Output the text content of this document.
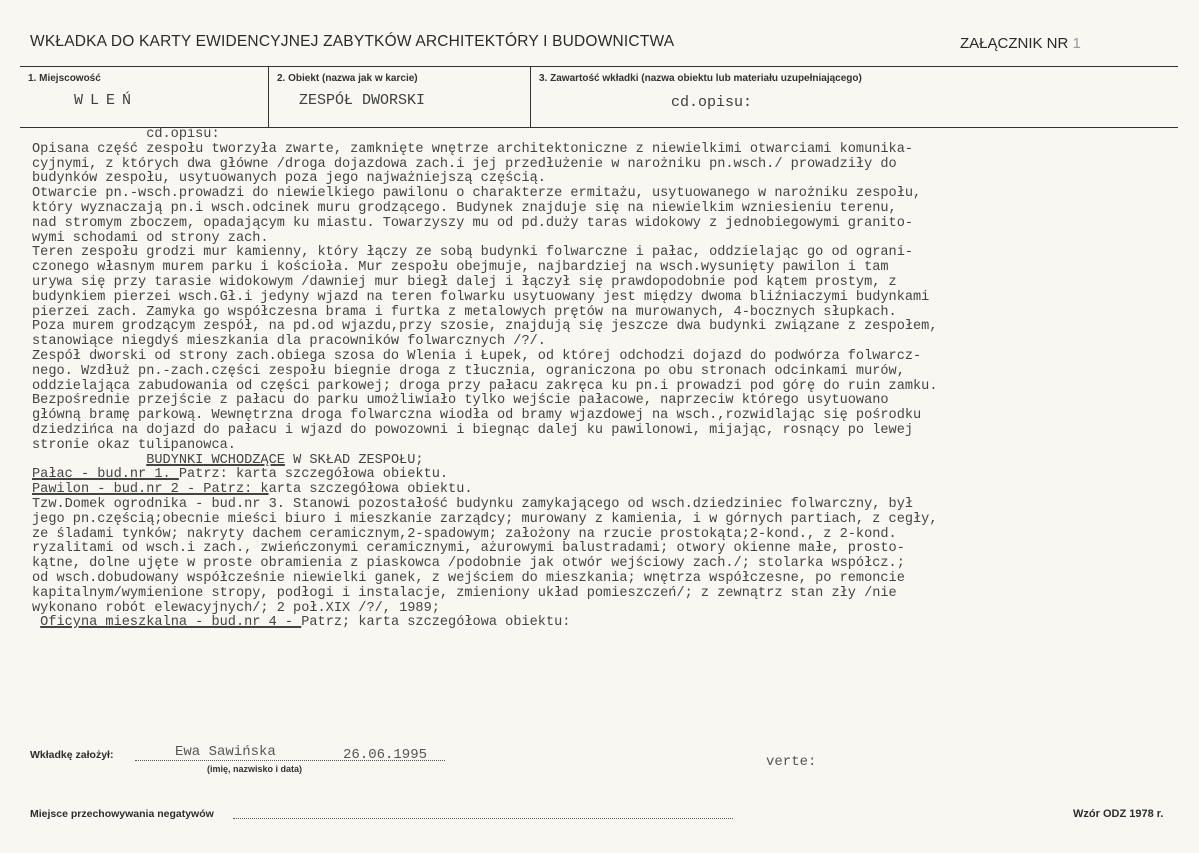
WKŁADKA DO KARTY EWIDENCYJNEJ ZABYTKÓW ARCHITEKTÓRY I BUDOWNICTWA	ZAŁĄCZNIK NR 1
1. Miejscowość
WLEŃ
2. Obiekt (nazwa jak w karcie)
ZESPÓŁ DWORSKI
3. Zawartość wkładki (nazwa obiektu lub materiału uzupełniającego)
cd.opisu:
cd.opisu:
Opisana część zespołu tworzyła zwarte, zamknięte wnętrze architektoniczne z niewielkimi otwarciami komunika-
cyjnymi, z których dwa główne /droga dojazdowa zach.i jej przedłużenie w narożniku pn.wsch./ prowadziły do
budynków zespołu, usytuowanych poza jego najważniejszą częścią.
Otwarcie pn.-wsch.prowadzi do niewielkiego pawilonu o charakterze ermitażu, usytuowanego w narożniku zespołu,
który wyznaczają pn.i wsch.odcinek muru grodzącego. Budynek znajduje się na niewielkim wzniesieniu terenu,
nad stromym zboczem, opadającym ku miastu. Towarzyszy mu od pd.duży taras widokowy z jednobiegowymi granito-
wymi schodami od strony zach.
Teren zespołu grodzi mur kamienny, który łączy ze sobą budynki folwarczne i pałac, oddzielając go od ograni-
czonego własnym murem parku i kościoła. Mur zespołu obejmuje, najbardziej na wsch.wysunięty pawilon i tam
urywa się przy tarasie widokowym /dawniej mur biegł dalej i łączył się prawdopodobnie pod kątem prostym, z
budynkiem pierzei wsch.Gł.i jedyny wjazd na teren folwarku usytuowany jest między dwoma bliźniaczymi budynkami
pierzei zach. Zamyka go współczesna brama i furtka z metalowych prętów na murowanych, 4-bocznych słupkach.
Poza murem grodzącym zespół, na pd.od wjazdu,przy szosie, znajdują się jeszcze dwa budynki związane z zespołem,
stanowiące niegdyś mieszkania dla pracowników folwarcznych /?/.
Zespół dworski od strony zach.obiega szosa do Wlenia i Łupek, od której odchodzi dojazd do podwórza folwarcz-
nego. Wzdłuż pn.-zach.części zespołu biegnie droga z tłucznia, ograniczona po obu stronach odcinkami murów,
oddzielająca zabudowania od części parkowej; droga przy pałacu zakręca ku pn.i prowadzi pod górę do ruin zamku.
Bezpośrednie przejście z pałacu do parku umożliwiało tylko wejście pałacowe, naprzeciw którego usytuowano
główną bramę parkową. Wewnętrzna droga folwarczna wiodła od bramy wjazdowej na wsch.,rozwidlając się pośrodku
dziedzińca na dojazd do pałacu i wjazd do powozowni i biegnąc dalej ku pawilonowi, mijając, rosnący po lewej
stronie okaz tulipanowca.
BUDYNKI WCHODZĄCE W SKŁAD ZESPOŁU;
Pałac - bud.nr 1. Patrz: karta szczegółowa obiektu.
Pawilon - bud.nr 2 - Patrz: karta szczegółowa obiektu.
Tzw.Domek ogrodnika - bud.nr 3. Stanowi pozostałość budynku zamykającego od wsch.dziedziniec folwarczny, był
jego pn.częścią;obecnie mieści biuro i mieszkanie zarządcy; murowany z kamienia, i w górnych partiach, z cegły,
ze śladami tynków; nakryty dachem ceramicznym,2-spadowym; założony na rzucie prostokąta;2-kond., z 2-kond.
ryzalitami od wsch.i zach., zwieńczonymi ceramicznymi, ażurowymi balustradami; otwory okienne małe, prosto-
kątne, dolne ujęte w proste obramienia z piaskowca /podobnie jak otwór wejściowy zach./; stolarka współcz.;
od wsch.dobudowany współcześnie niewielki ganek, z wejściem do mieszkania; wnętrza współczesne, po remoncie
kapitalnym/wymienione stropy, podłogi i instalacje, zmieniony układ pomieszczeń/; z zewnątrz stan zły /nie
wykonano robót elewacyjnych/; 2 poł.XIX /?/, 1989;
Oficyna mieszkalna - bud.nr 4 - Patrz; karta szczegółowa obiektu:
Wkładkę założył:	Ewa Sawińska	26.06.1995
(imię, nazwisko i data)	verte:
Miejsce przechowywania negatywów	Wzór ODZ 1978 r.
